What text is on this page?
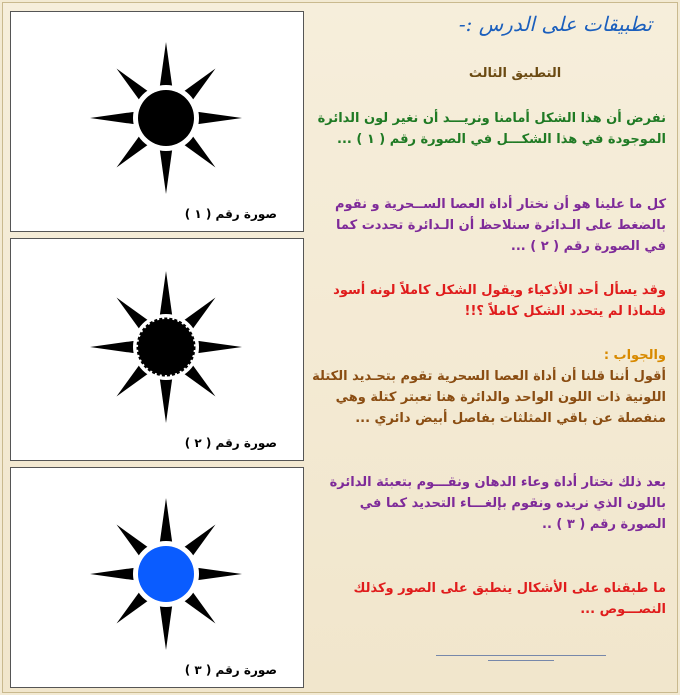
تطبيقات على الدرس :-
التطبيق الثالث
نفرض أن هذا الشكل أمامنا ونريـــد أن نغير لون الدائرة الموجودة في هذا الشكـــل في الصورة رقم ( ١ ) ...
كل ما علينا هو أن نختار أداة العصا الســحرية و نقوم بالضغط على الـدائرة سنلاحظ أن الـدائرة تحددت كما في الصورة رقم ( ٢ ) ...
وقد يسأل أحد الأذكياء ويقول الشكل كاملاً لونه أسود فلماذا لم يتحدد الشكل كاملاً ؟!!
والجواب :
أقول أننا قلنا أن أداة العصا السحرية تقوم بتحـديد الكتلة اللونية ذات اللون الواحد والدائرة هنا تعبتر كتلة وهي منفصلة عن باقي المثلثات بفاصل أبيض دائري ...
بعد ذلك نختار أداة وعاء الدهان ونقـــوم بتعبئة الدائرة باللون الذي نريده ونقوم بإلغـــاء التحديد كما في الصورة رقم ( ٣ ) ..
ما طبقناه على الأشكال ينطبق على الصور وكذلك النصـــوص ...
صورة رقم ( ١ )
صورة رقم ( ٢ )
صورة رقم ( ٣ )
